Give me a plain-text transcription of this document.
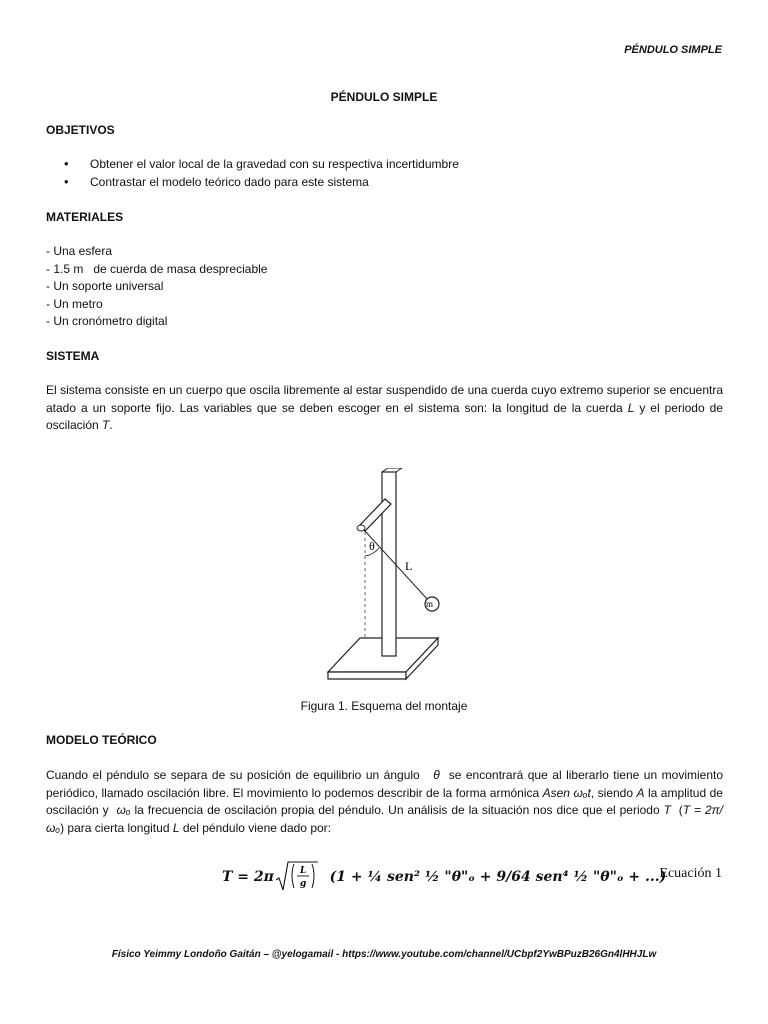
PÉNDULO SIMPLE
PÉNDULO SIMPLE
OBJETIVOS
• Obtener el valor local de la gravedad con su respectiva incertidumbre
• Contrastar el modelo teórico dado para este sistema
MATERIALES
- Una esfera
- 1.5 m   de cuerda de masa despreciable
- Un soporte universal
- Un metro
- Un cronómetro digital
SISTEMA
El sistema consiste en un cuerpo que oscila libremente al estar suspendido de una cuerda cuyo extremo superior se encuentra atado a un soporte fijo. Las variables que se deben escoger en el sistema son: la longitud de la cuerda L y el periodo de oscilación T.
θ
L
m
Figura 1. Esquema del montaje
MODELO TEÓRICO
Cuando el péndulo se separa de su posición de equilibrio un ángulo θ se encontrará que al liberarlo tiene un movimiento periódico, llamado oscilación libre. El movimiento lo podemos describir de la forma armónica Asen ωₒt, siendo A la amplitud de oscilación y ωₒ la frecuencia de oscilación propia del péndulo. Un análisis de la situación nos dice que el periodo T (T = 2π/ωₒ) para cierta longitud L del péndulo viene dado por:
T = 2π	L
g (1 + ¼ sen² ½ "θ"ₒ + 9/64 sen⁴ ½ "θ"ₒ + ...)
Ecuación 1
Físico Yeimmy Londoño Gaitán – @yelogamail - https://www.youtube.com/channel/UCbpf2YwBPuzB26Gn4lHHJLw
